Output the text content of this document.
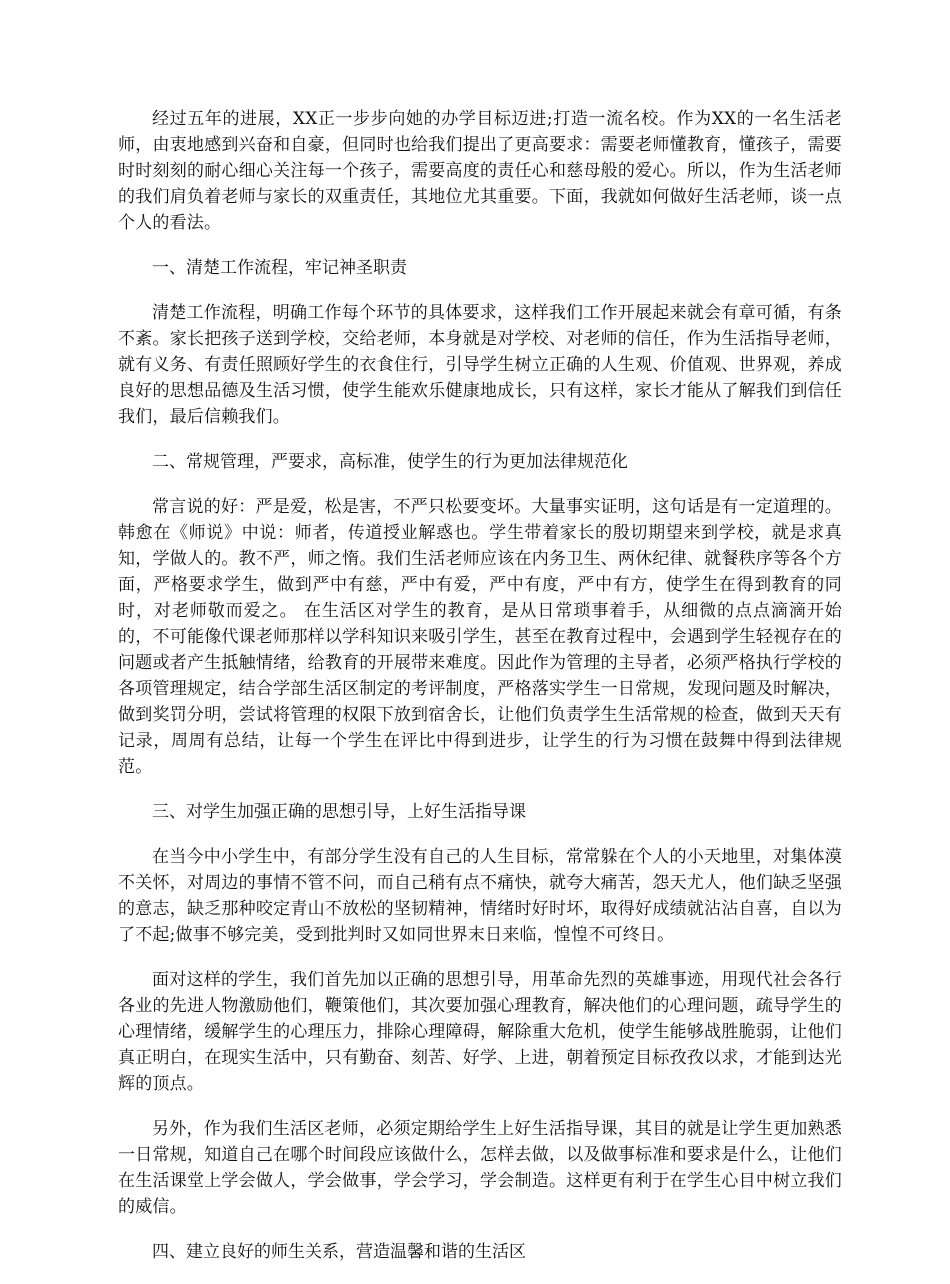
经过五年的进展，XX正一步步向她的办学目标迈进;打造一流名校。作为XX的一名生活老师，由衷地感到兴奋和自豪，但同时也给我们提出了更高要求：需要老师懂教育，懂孩子，需要时时刻刻的耐心细心关注每一个孩子，需要高度的责任心和慈母般的爱心。所以，作为生活老师的我们肩负着老师与家长的双重责任，其地位尤其重要。下面，我就如何做好生活老师，谈一点个人的看法。

一、清楚工作流程，牢记神圣职责

清楚工作流程，明确工作每个环节的具体要求，这样我们工作开展起来就会有章可循，有条不紊。家长把孩子送到学校，交给老师，本身就是对学校、对老师的信任，作为生活指导老师，就有义务、有责任照顾好学生的衣食住行，引导学生树立正确的人生观、价值观、世界观，养成良好的思想品德及生活习惯，使学生能欢乐健康地成长，只有这样，家长才能从了解我们到信任我们，最后信赖我们。

二、常规管理，严要求，高标准，使学生的行为更加法律规范化

常言说的好：严是爱，松是害，不严只松要变坏。大量事实证明，这句话是有一定道理的。韩愈在《师说》中说：师者，传道授业解惑也。学生带着家长的殷切期望来到学校，就是求真知，学做人的。教不严，师之惰。我们生活老师应该在内务卫生、两休纪律、就餐秩序等各个方面，严格要求学生，做到严中有慈，严中有爱，严中有度，严中有方，使学生在得到教育的同时，对老师敬而爱之。 在生活区对学生的教育，是从日常琐事着手，从细微的点点滴滴开始的，不可能像代课老师那样以学科知识来吸引学生，甚至在教育过程中，会遇到学生轻视存在的问题或者产生抵触情绪，给教育的开展带来难度。因此作为管理的主导者，必须严格执行学校的各项管理规定，结合学部生活区制定的考评制度，严格落实学生一日常规，发现问题及时解决，做到奖罚分明，尝试将管理的权限下放到宿舍长，让他们负责学生生活常规的检查，做到天天有记录，周周有总结，让每一个学生在评比中得到进步，让学生的行为习惯在鼓舞中得到法律规范。

三、对学生加强正确的思想引导，上好生活指导课

在当今中小学生中，有部分学生没有自己的人生目标，常常躲在个人的小天地里，对集体漠不关怀，对周边的事情不管不问，而自己稍有点不痛快，就夸大痛苦，怨天尤人，他们缺乏坚强的意志，缺乏那种咬定青山不放松的坚韧精神，情绪时好时坏，取得好成绩就沾沾自喜，自以为了不起;做事不够完美，受到批判时又如同世界末日来临，惶惶不可终日。

面对这样的学生，我们首先加以正确的思想引导，用革命先烈的英雄事迹，用现代社会各行各业的先进人物激励他们，鞭策他们，其次要加强心理教育，解决他们的心理问题，疏导学生的心理情绪，缓解学生的心理压力，排除心理障碍，解除重大危机，使学生能够战胜脆弱，让他们真正明白，在现实生活中，只有勤奋、刻苦、好学、上进，朝着预定目标孜孜以求，才能到达光辉的顶点。

另外，作为我们生活区老师，必须定期给学生上好生活指导课，其目的就是让学生更加熟悉一日常规，知道自己在哪个时间段应该做什么，怎样去做，以及做事标准和要求是什么，让他们在生活课堂上学会做人，学会做事，学会学习，学会制造。这样更有利于在学生心目中树立我们的威信。

四、建立良好的师生关系，营造温馨和谐的生活区
